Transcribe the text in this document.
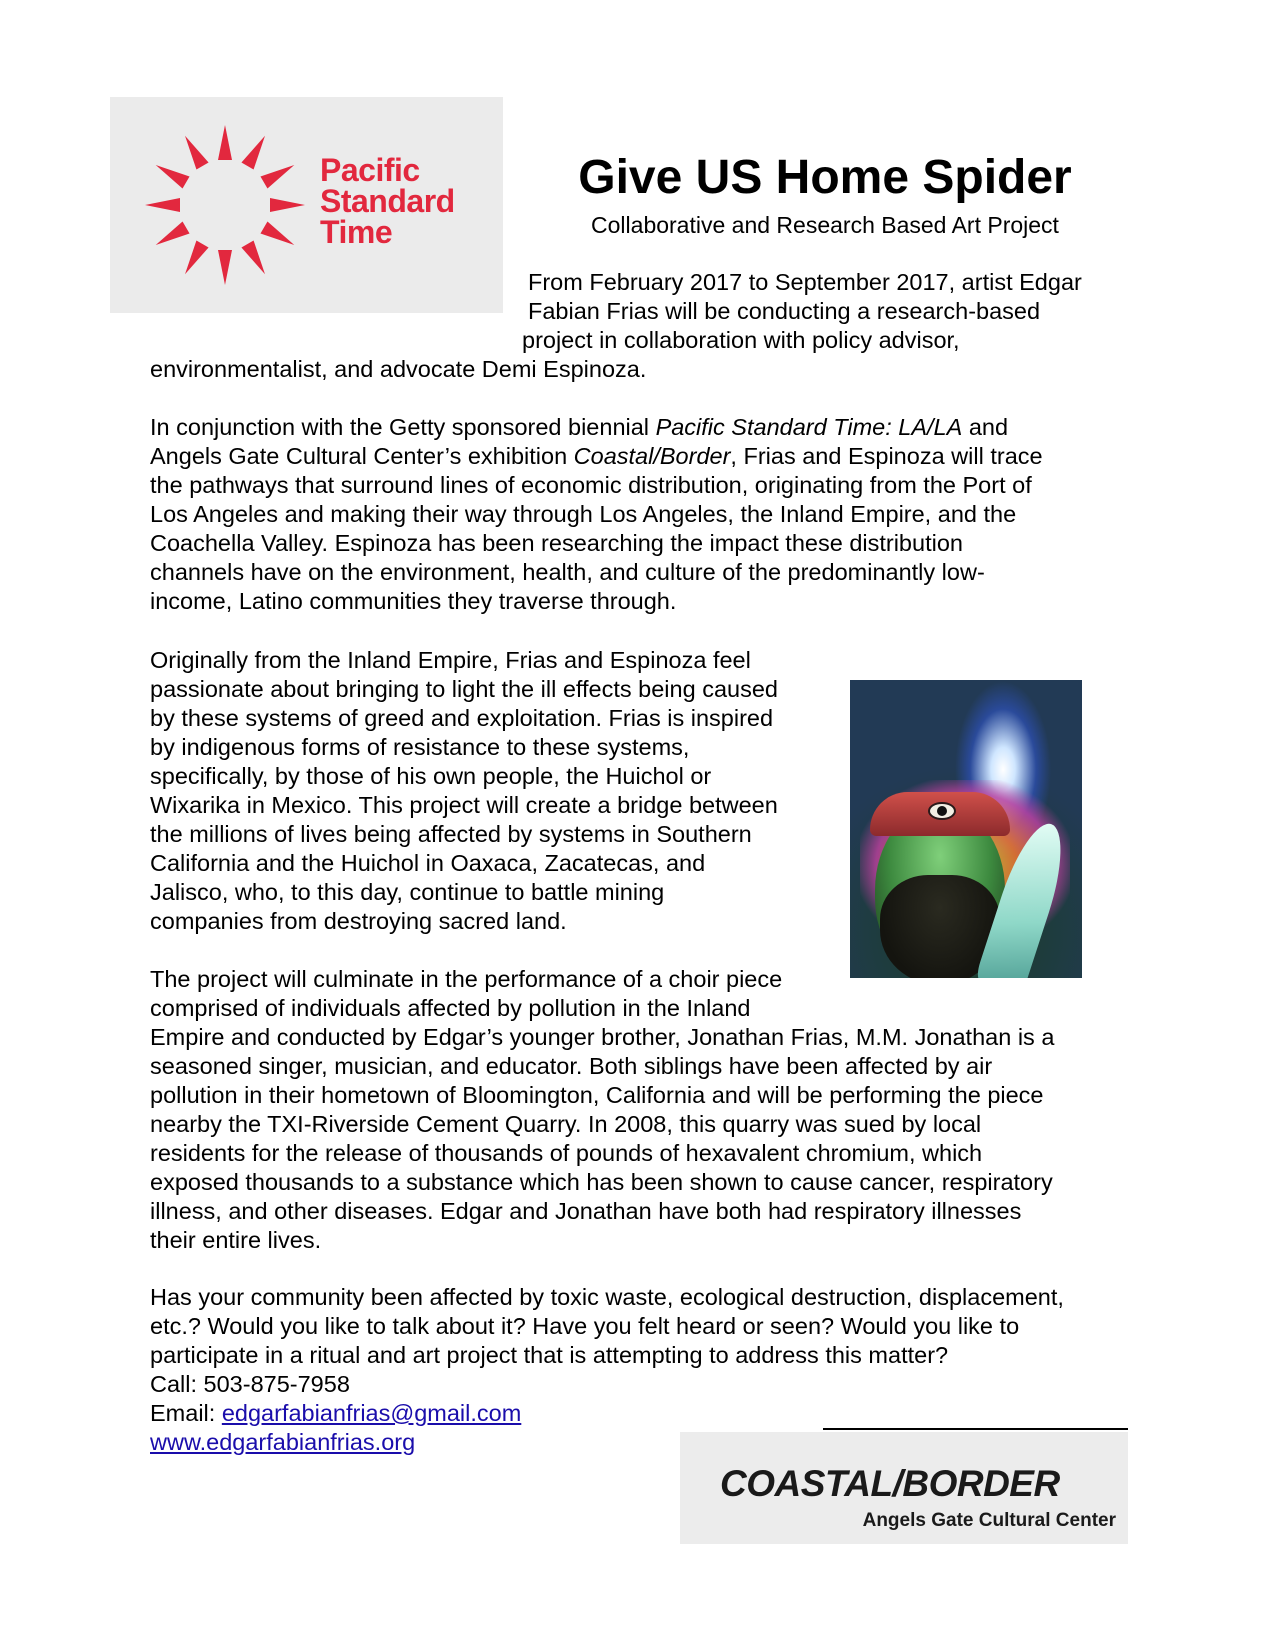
Pacific
Standard
Time
Give US Home Spider
Collaborative and Research Based Art Project
From February 2017 to September 2017, artist Edgar
Fabian Frias will be conducting a research-based
project in collaboration with policy advisor,
environmentalist, and advocate Demi Espinoza.
In conjunction with the Getty sponsored biennial Pacific Standard Time: LA/LA and
Angels Gate Cultural Center’s exhibition Coastal/Border, Frias and Espinoza will trace
the pathways that surround lines of economic distribution, originating from the Port of
Los Angeles and making their way through Los Angeles, the Inland Empire, and the
Coachella Valley. Espinoza has been researching the impact these distribution
channels have on the environment, health, and culture of the predominantly low-
income, Latino communities they traverse through.
Originally from the Inland Empire, Frias and Espinoza feel
passionate about bringing to light the ill effects being caused
by these systems of greed and exploitation. Frias is inspired
by indigenous forms of resistance to these systems,
specifically, by those of his own people, the Huichol or
Wixarika in Mexico. This project will create a bridge between
the millions of lives being affected by systems in Southern
California and the Huichol in Oaxaca, Zacatecas, and
Jalisco, who, to this day, continue to battle mining
companies from destroying sacred land.
The project will culminate in the performance of a choir piece
comprised of individuals affected by pollution in the Inland
Empire and conducted by Edgar’s younger brother, Jonathan Frias, M.M. Jonathan is a
seasoned singer, musician, and educator. Both siblings have been affected by air
pollution in their hometown of Bloomington, California and will be performing the piece
nearby the TXI-Riverside Cement Quarry. In 2008, this quarry was sued by local
residents for the release of thousands of pounds of hexavalent chromium, which
exposed thousands to a substance which has been shown to cause cancer, respiratory
illness, and other diseases. Edgar and Jonathan have both had respiratory illnesses
their entire lives.
Has your community been affected by toxic waste, ecological destruction, displacement,
etc.? Would you like to talk about it? Have you felt heard or seen? Would you like to
participate in a ritual and art project that is attempting to address this matter?
Call: 503-875-7958
Email: edgarfabianfrias@gmail.com
www.edgarfabianfrias.org
COASTAL/BORDER
Angels Gate Cultural Center
